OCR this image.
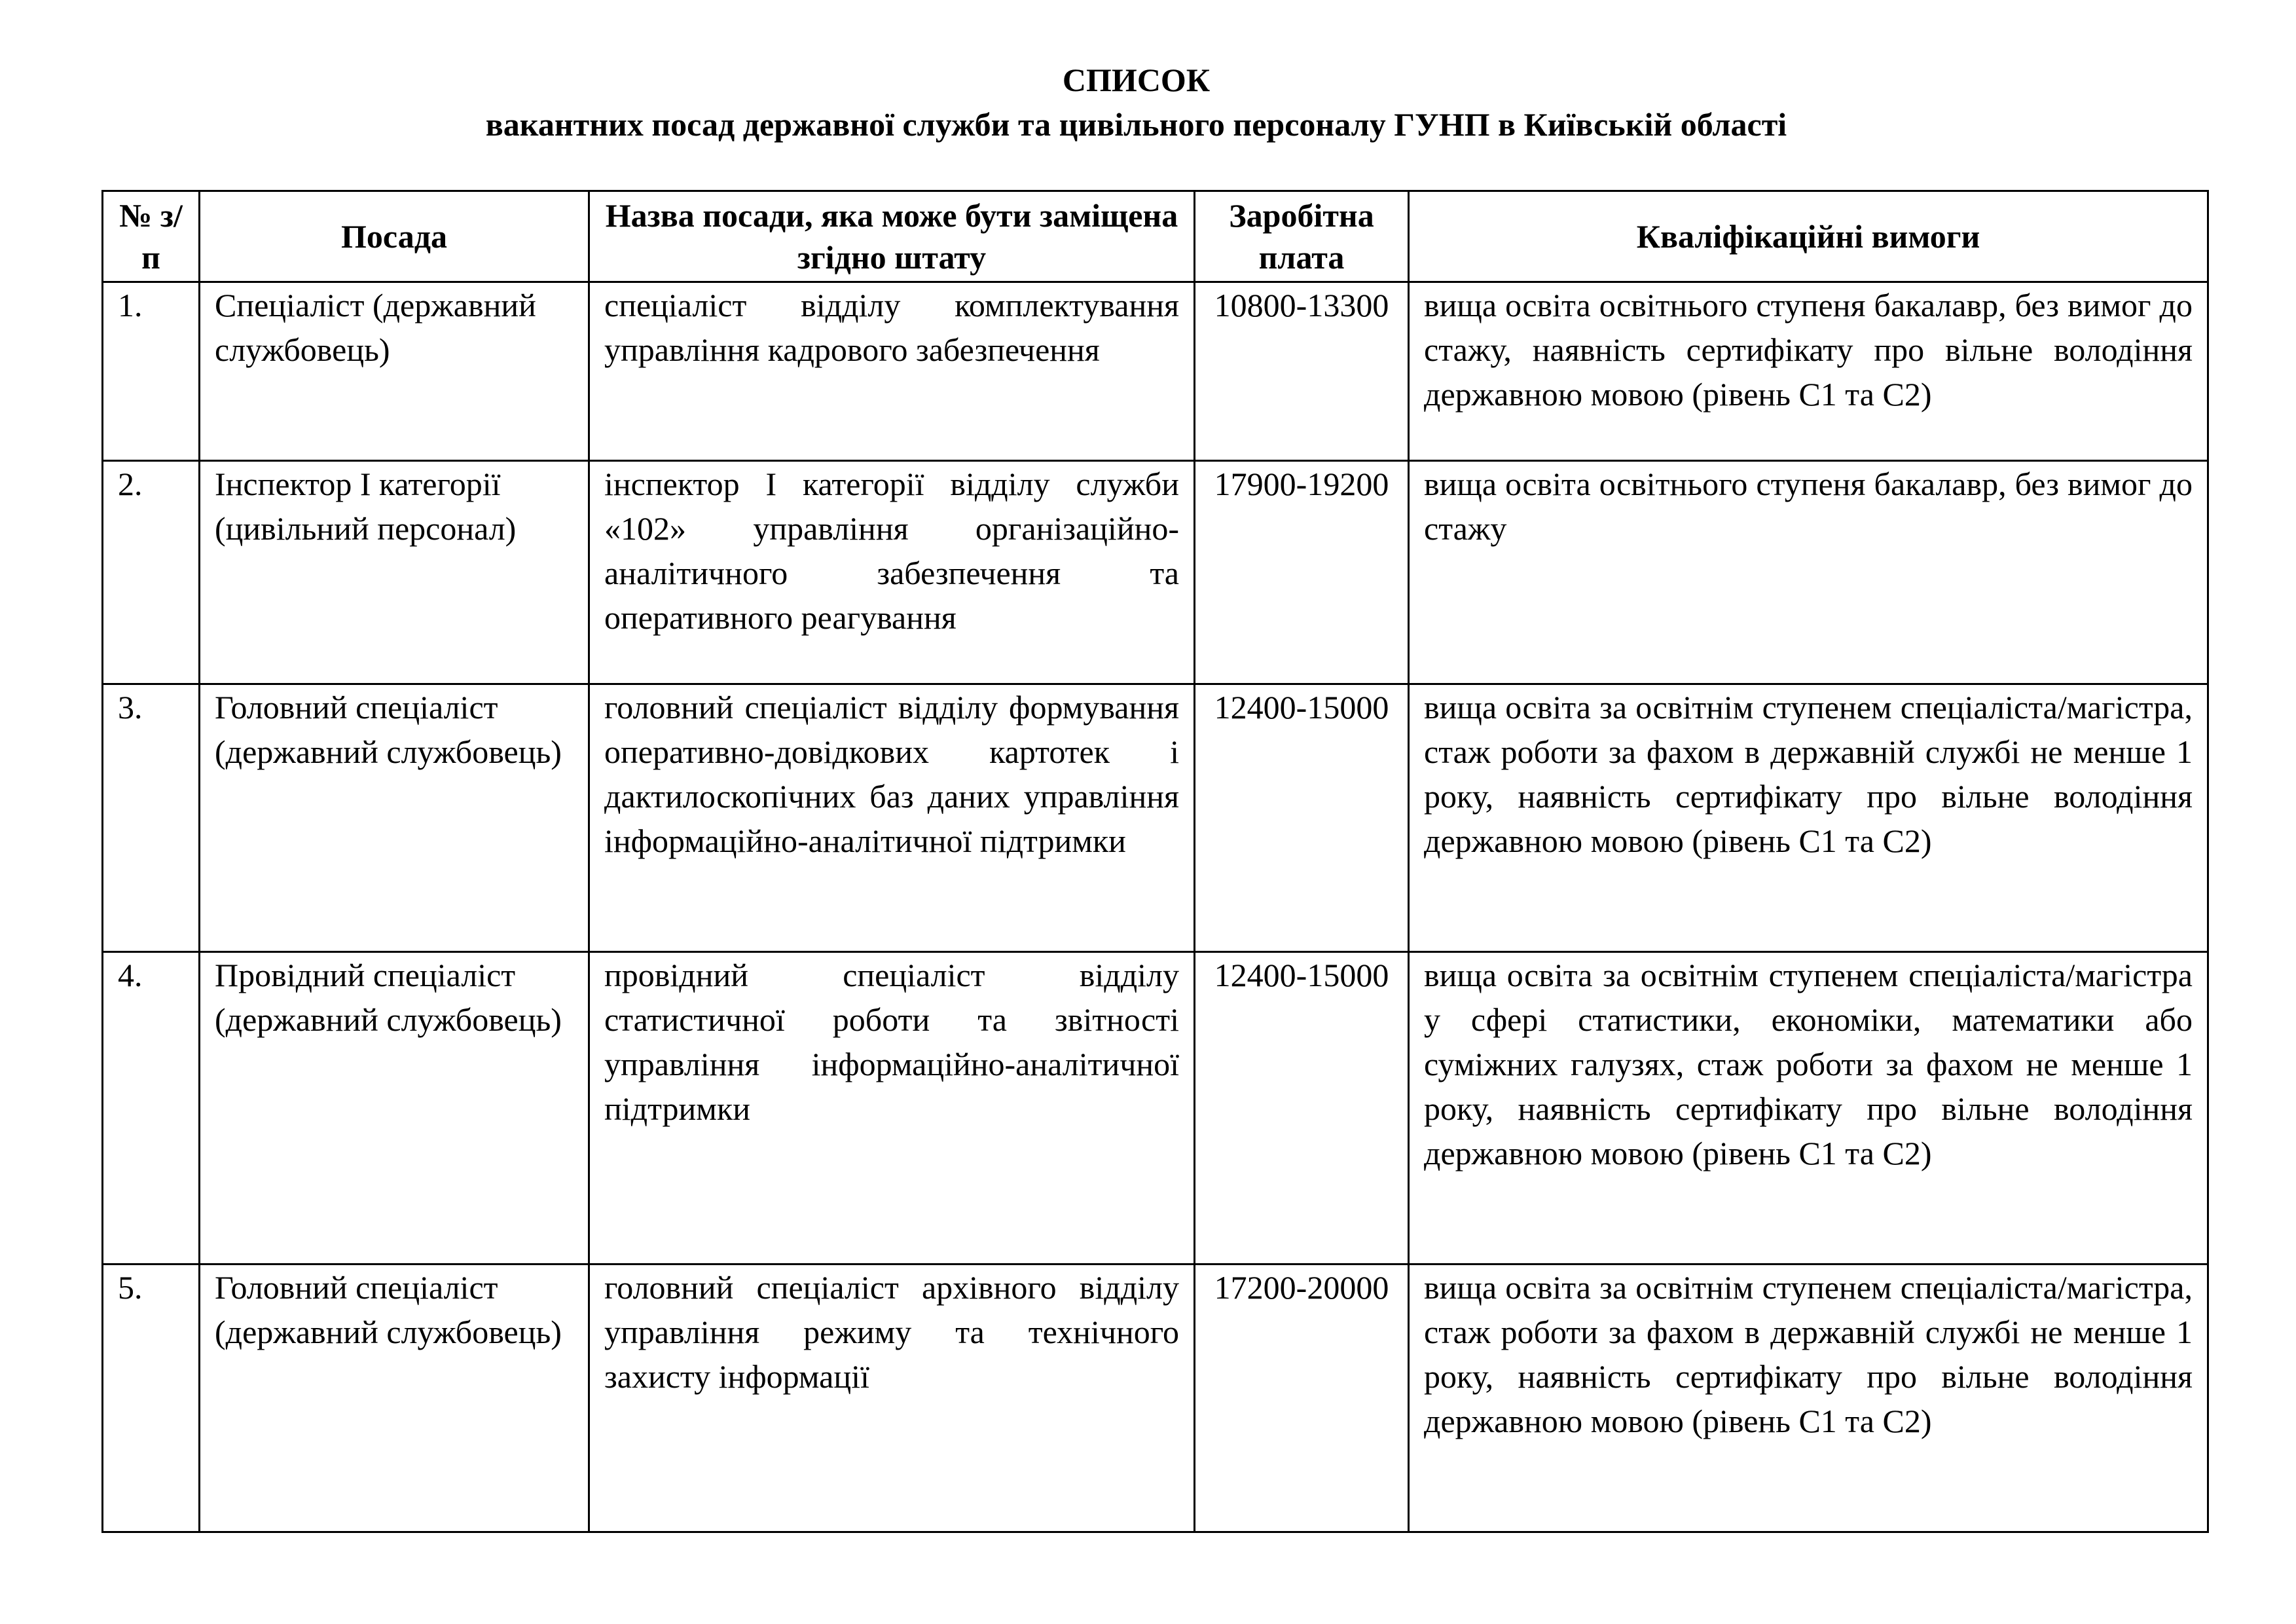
СПИСОК
вакантних посад державної служби та цивільного персоналу ГУНП в Київській області
№ з/п	Посада	Назва посади, яка може бути заміщена згідно штату	Заробітна плата	Кваліфікаційні вимоги
1.	Спеціаліст (державний службовець)	спеціаліст відділу комплектування управління кадрового забезпечення	10800-13300	вища освіта освітнього ступеня бакалавр, без вимог до стажу, наявність сертифікату про вільне володіння державною мовою (рівень С1 та С2)
2.	Інспектор І категорії (цивільний персонал)	інспектор І категорії відділу служби «102» управління організаційно-аналітичного забезпечення та оперативного реагування	17900-19200	вища освіта освітнього ступеня бакалавр, без вимог до стажу
3.	Головний спеціаліст (державний службовець)	головний спеціаліст відділу формування оперативно-довідкових картотек і дактилоскопічних баз даних управління інформаційно-аналітичної підтримки	12400-15000	вища освіта за освітнім ступенем спеціаліста/магістра, стаж роботи за фахом в державній службі не менше 1 року, наявність сертифікату про вільне володіння державною мовою (рівень С1 та С2)
4.	Провідний спеціаліст (державний службовець)	провідний спеціаліст відділу статистичної роботи та звітності управління інформаційно-аналітичної підтримки	12400-15000	вища освіта за освітнім ступенем спеціаліста/магістра у сфері статистики, економіки, математики або суміжних галузях, стаж роботи за фахом не менше 1 року, наявність сертифікату про вільне володіння державною мовою (рівень С1 та С2)
5.	Головний спеціаліст (державний службовець)	головний спеціаліст архівного відділу управління режиму та технічного захисту інформації	17200-20000	вища освіта за освітнім ступенем спеціаліста/магістра, стаж роботи за фахом в державній службі не менше 1 року, наявність сертифікату про вільне володіння державною мовою (рівень С1 та С2)
